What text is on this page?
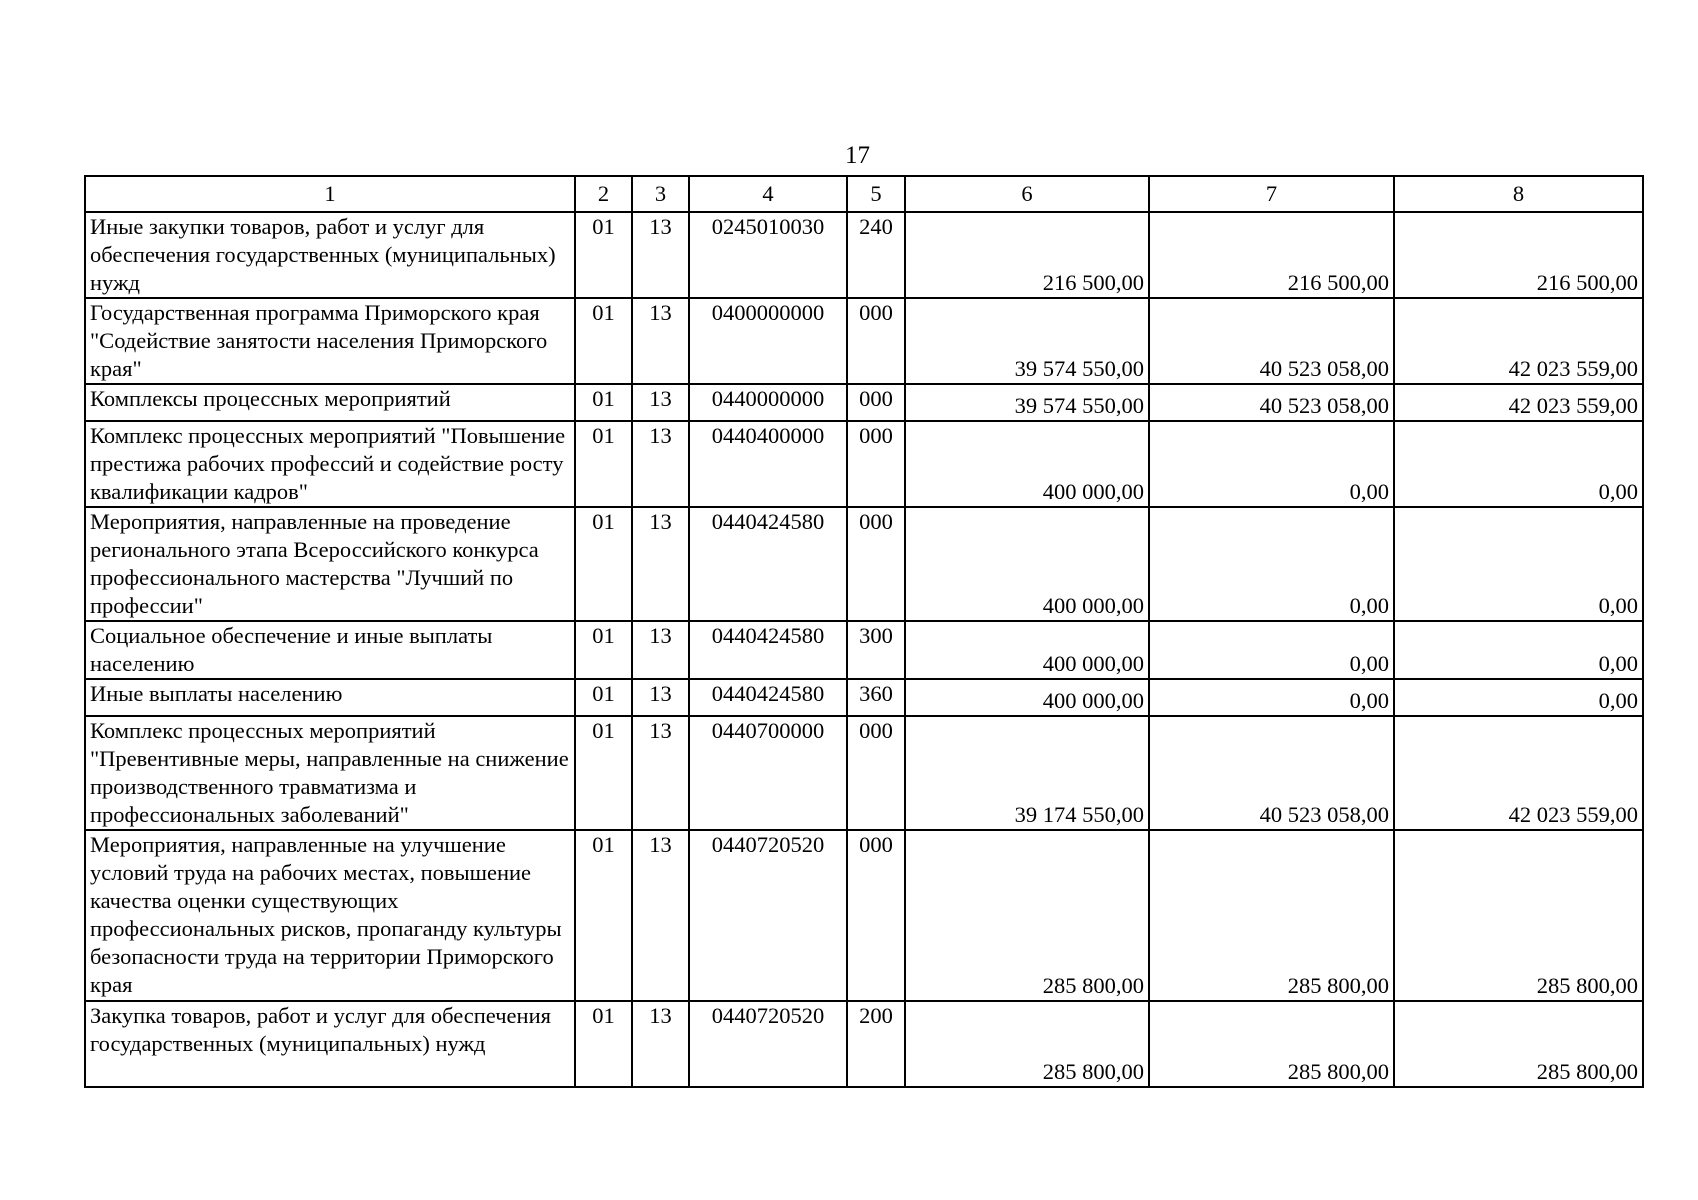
17
1	2	3	4	5	6	7	8
Иные закупки товаров, работ и услуг для обеспечения государственных (муниципальных) нужд	01	13	0245010030	240	216 500,00	216 500,00	216 500,00
Государственная программа Приморского края "Содействие занятости населения Приморского края"	01	13	0400000000	000	39 574 550,00	40 523 058,00	42 023 559,00
Комплексы процессных мероприятий	01	13	0440000000	000	39 574 550,00	40 523 058,00	42 023 559,00
Комплекс процессных мероприятий "Повышение престижа рабочих профессий и содействие росту квалификации кадров"	01	13	0440400000	000	400 000,00	0,00	0,00
Мероприятия, направленные на проведение регионального этапа Всероссийского конкурса профессионального мастерства "Лучший по профессии"	01	13	0440424580	000	400 000,00	0,00	0,00
Социальное обеспечение и иные выплаты населению	01	13	0440424580	300	400 000,00	0,00	0,00
Иные выплаты населению	01	13	0440424580	360	400 000,00	0,00	0,00
Комплекс процессных мероприятий "Превентивные меры, направленные на снижение производственного травматизма и профессиональных заболеваний"	01	13	0440700000	000	39 174 550,00	40 523 058,00	42 023 559,00
Мероприятия, направленные на улучшение условий труда на рабочих местах, повышение качества оценки существующих профессиональных рисков, пропаганду культуры безопасности труда на территории Приморского края	01	13	0440720520	000	285 800,00	285 800,00	285 800,00
Закупка товаров, работ и услуг для обеспечения государственных (муниципальных) нужд	01	13	0440720520	200	285 800,00	285 800,00	285 800,00
